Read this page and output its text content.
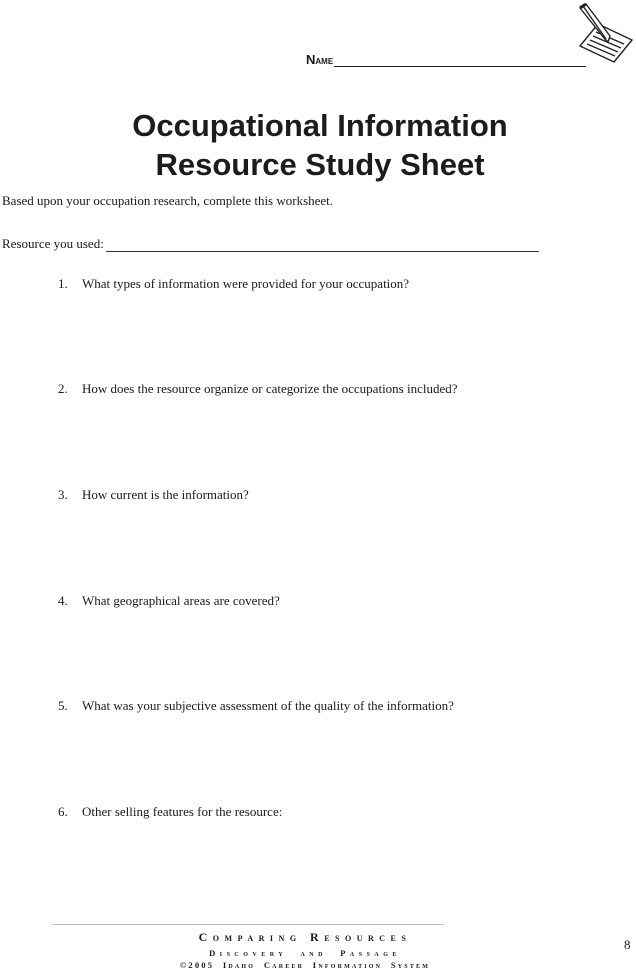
Name
Occupational Information
Resource Study Sheet
Based upon your occupation research, complete this worksheet.
Resource you used:
1.	What types of information were provided for your occupation?
2.	How does the resource organize or categorize the occupations included?
3.	How current is the information?
4.	What geographical areas are covered?
5.	What was your subjective assessment of the quality of the information?
6.	Other selling features for the resource:
Comparing Resources
Discovery  and  Passage
©2005  Idaho  Career  Information  System
8
